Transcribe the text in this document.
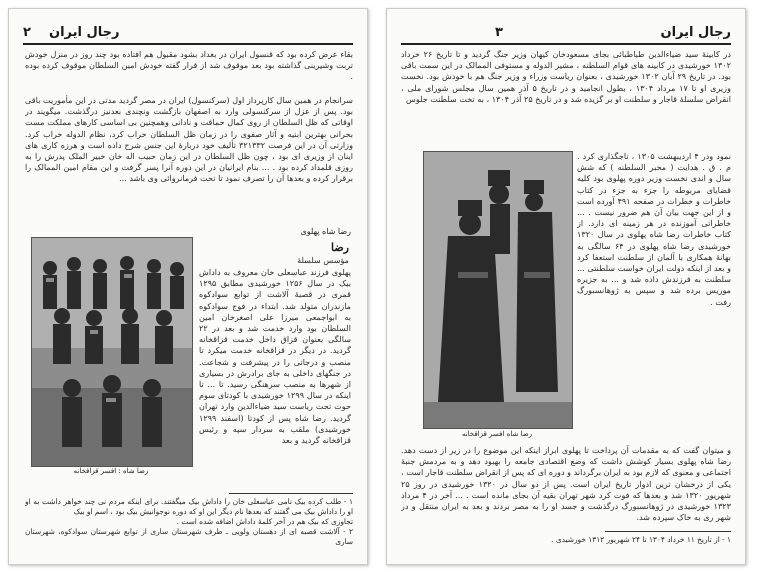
رجال ایران
۲

بقاء عرض کرده بود که قنسول ایران در بغداد بشود مقبول هم افتاده بود چند روز در منزل خودش تربت وشیرینی گذاشته بود بعد موقوف شد از قرار گفته خودش امین السلطان موقوف کرده بوده .

سرانجام در همین سال کارپرداز اول (سرکنسول) ایران در مصر گردید مدتی در این مأموریت باقی بود. پس از عزل از سرکنسولی وارد به اصفهان بازگشت ونچندی بعدنیز درگذشت. میگویند در اوقاتی که ظل السلطان از روی کمال حماقت و نادانی وهمچنین بی اساسی کارهای مملکت مست بحرانی بهترین ابنیه و آثار صفوی را در زمان ظل السلطان خراب کرد، نظام الدوله خراب کرد. وزارتی آن در این فرصت ۳۲۱۳۳۲ تألیف خود دربارهٔ این جنس شرح داده است و هرزه کاری های اینان از وزیری ای بود ، چون ظل السلطان در این زمان حبیب اله خان خبیر الملک پدرش را به روزی قلمداد کرده بود . ... بنام ایرانیان در این دوره آنرا پسر گرفت و این مقام امین الممالک را برقرار کرده و بعدها آن را تصرف نمود تا تحت فرمانروائی وی باشد ...

رضا شاه پهلوی
رضا شاه : افسر قزاقخانه
رضا

مؤسس سلسلهٔ

پهلوی فرزند عباسعلی خان معروف به داداش بیک در سال ۱۲۵۶ خورشیدی مطابق ۱۲۹۵ قمری در قصبهٔ آلاشت از توابع سوادکوه مازندران متولد شد. ابتداء در فوج سوادکوه به ابواجمعی میرزا علی اصغرخان امین السلطان بود وارد خدمت شد و بعد در ۲۲ سالگی بعنوان قزاق داخل خدمت قزاقخانه گردید. در دیگر در قزاقخانه خدمت میکرد تا منصب و درجاتی را در پیشرفت و شجاعت. در جنگهای داخلی به جای برادرش در بسیاری از شهرها به منصب سرهنگی رسید. تا ... تا اینکه در سال ۱۲۹۹ خورشیدی با کودتای سوم حوت تحت ریاست سید ضیاءالدین وارد تهران گردید. رضا شاه پس از کودتا (اسفند ۱۲۹۹ خورشیدی) ملقب به سردار سپه و رئیس قزاقخانه گردید و بعد

۱ - طلب کرده بیک نامی عباسعلی خان را داداش بیک میگفتند. برای اینکه مردم نی چند خواهر داشت به او او را داداش بیک می گفتند که بعدها نام دیگر این او که دوره نوجوانیش بیک بود ، اسم او بیک

تجاوزی که بیک هم در آخر کلمهٔ داداش اضافه شده است .

۲ - آلاشت قصبه ای از دهستان ولویی ـ طرف شهرستان ساری از توابع شهرستان سوادکوه، شهرستان ساری

رجال ایران
۳

در کابینهٔ سید ضیاءالدین طباطبائی بجای مسعودخان کیهان وزیر جنگ گردید و تا تاریخ ۲۶ خرداد ۱۳۰۲ خورشیدی در کابینه های قوام السلطنه ، مشیر الدوله و مستوفی الممالک در این سمت باقی بود. در تاریخ ۲۹ آبان ۱۳۰۲ خورشیدی ، بعنوان ریاست وزراء و وزیر جنگ هم با خودش بود. نخست وزیری او تا ۱۷ مرداد ۱۳۰۴ ، بطول انجامید و در تاریخ ۵ آذر همین سال مجلس شورای ملی ، انقراض سلسلهٔ قاجار و سلطنت او بر گزیده شد و در تاریخ ۲۵ آذر ۱۳۰۴ ، به تخت سلطنت جلوس

رضا شاه افسر قزاقخانه

نمود ودر ۴ اردیبهشت ۱۳۰۵ ، تاجگذاری کرد . م . ق . هدایت ( مخبر السلطنه ) که شش سال و اندی نخست وزیر دوره پهلوی بود کلیه قضایای مربوطه را جزء به جزء در کتاب خاطرات و خطرات در صفحه ۴۹۱ آورده است و از این جهت بیان آن هم ضرور نیست . ... خاطراتی آموزنده در هر زمینه ای دارد. از کتاب خاطرات رضا شاه پهلوی در سال ۱۳۲۰ خورشیدی رضا شاه پهلوی در ۶۴ سالگی به بهانهٔ همکاری با آلمان از سلطنت استعفا کرد و بعد از اینکه دولت ایران خواست سلطنتی ... سلطنت به فرزندش داده شد و ... به جزیره موریس برده شد و سپس به ژوهانسبورگ رفت .

و میتوان گفت که به مقدمات آن پرداخت تا پهلوی ابراز اینکه این موضوع را در زیر از دست دهد. رضا شاه پهلوی بسیار کوشش داشت که وضع اقتصادی جامعه را بهبود دهد و به مردمش جنبهٔ اجتماعی و معنوی که لازم بود به ایران برگرداند و دوره ای که پس از انقراض سلطنت قاجار است ، یکی از درخشان ترین ادوار تاریخ ایران است. پس از دو سال در ۱۳۲۰ خورشیدی در روز ۲۵ شهریور ۱۳۲۰ شد و بعدها که فوت کرد شهر تهران بقیه آن بجای مانده است . ... آخر در ۴ مرداد ۱۳۲۳ خورشیدی در ژوهانسبورگ درگذشت و جسد او را به مصر بردند و بعد به ایران منتقل و در شهر ری به خاک سپرده شد.

۱ - از تاریخ ۱۱ خرداد ۱۳۰۴ تا ۲۴ شهریور ۱۳۱۲ خورشیدی .
